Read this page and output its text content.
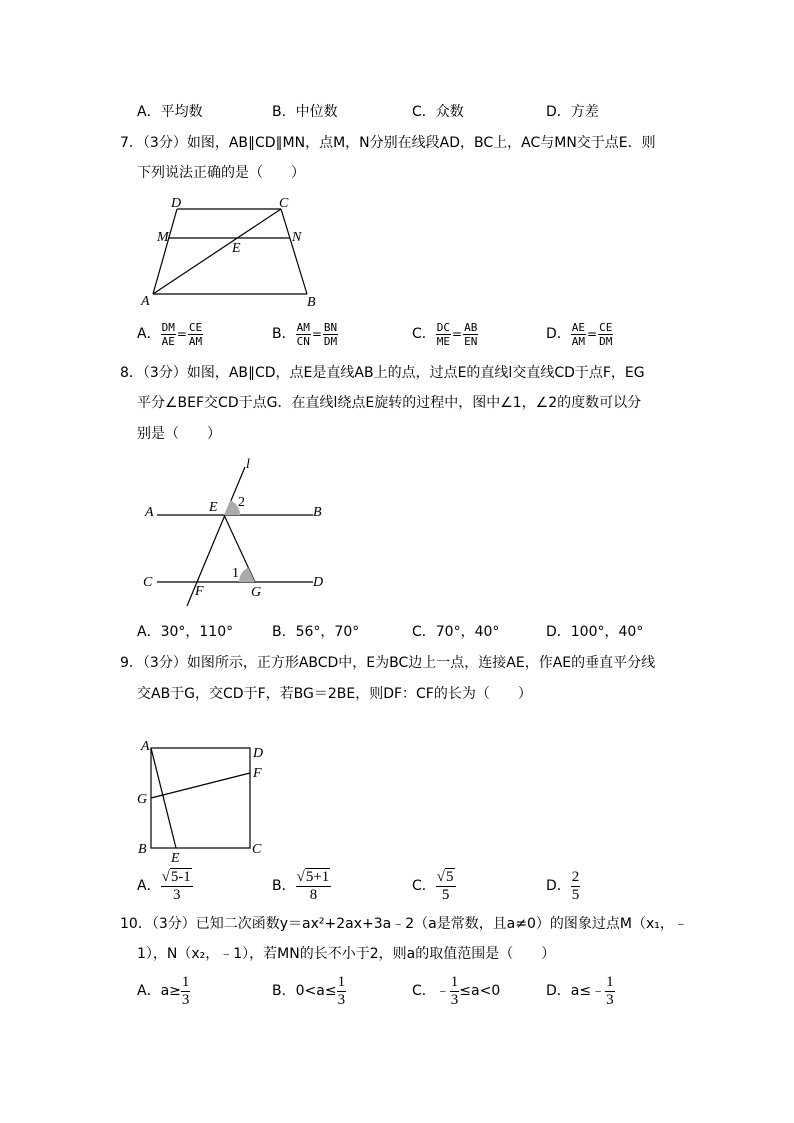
A．平均数	B．中位数	C．众数	D．方差
7．（3分）如图，AB∥CD∥MN，点M，N分别在线段AD，BC上，AC与MN交于点E．则
下列说法正确的是（　　）
D	C
M	N
E
A	B
A． $\frac{DM}{AE} = \frac{CE}{AM}$	B． $\frac{AM}{CN} = \frac{BN}{DM}$	C． $\frac{DC}{ME} = \frac{AB}{EN}$	D． $\frac{AE}{AM} = \frac{CE}{DM}$
8．（3分）如图，AB∥CD，点E是直线AB上的点，过点E的直线l交直线CD于点F，EG
平分∠BEF交CD于点G．在直线l绕点E旋转的过程中，图中∠1，∠2的度数可以分
别是（　　）
l
A	E 2
B
1
C
F	G
D
A．30°，110°	B．56°，70°	C．70°，40°	D．100°，40°
9．（3分）如图所示，正方形ABCD中，E为BC边上一点，连接AE，作AE的垂直平分线
交AB于G，交CD于F，若BG＝2BE，则DF：CF的长为（　　）
A	D
F
G
B
E
C
A． $\frac{√5-1}{3}$	B． $\frac{√5+1}{8}$	C． $\frac{√5}{5}$	D． $\frac{2}{5}$
10．（3分）已知二次函数y＝ax²+2ax+3a﹣2（a是常数，且a≠0）的图象过点M（x₁，﹣
1），N（x₂，﹣1），若MN的长不小于2，则a的取值范围是（　　）
A．$a\ge \frac{1}{3}$	B．$0<a\le \frac{1}{3}$	C．﹣ $\frac{1}{3} \le a<0$	D．a≤﹣ $\frac{1}{3}$
